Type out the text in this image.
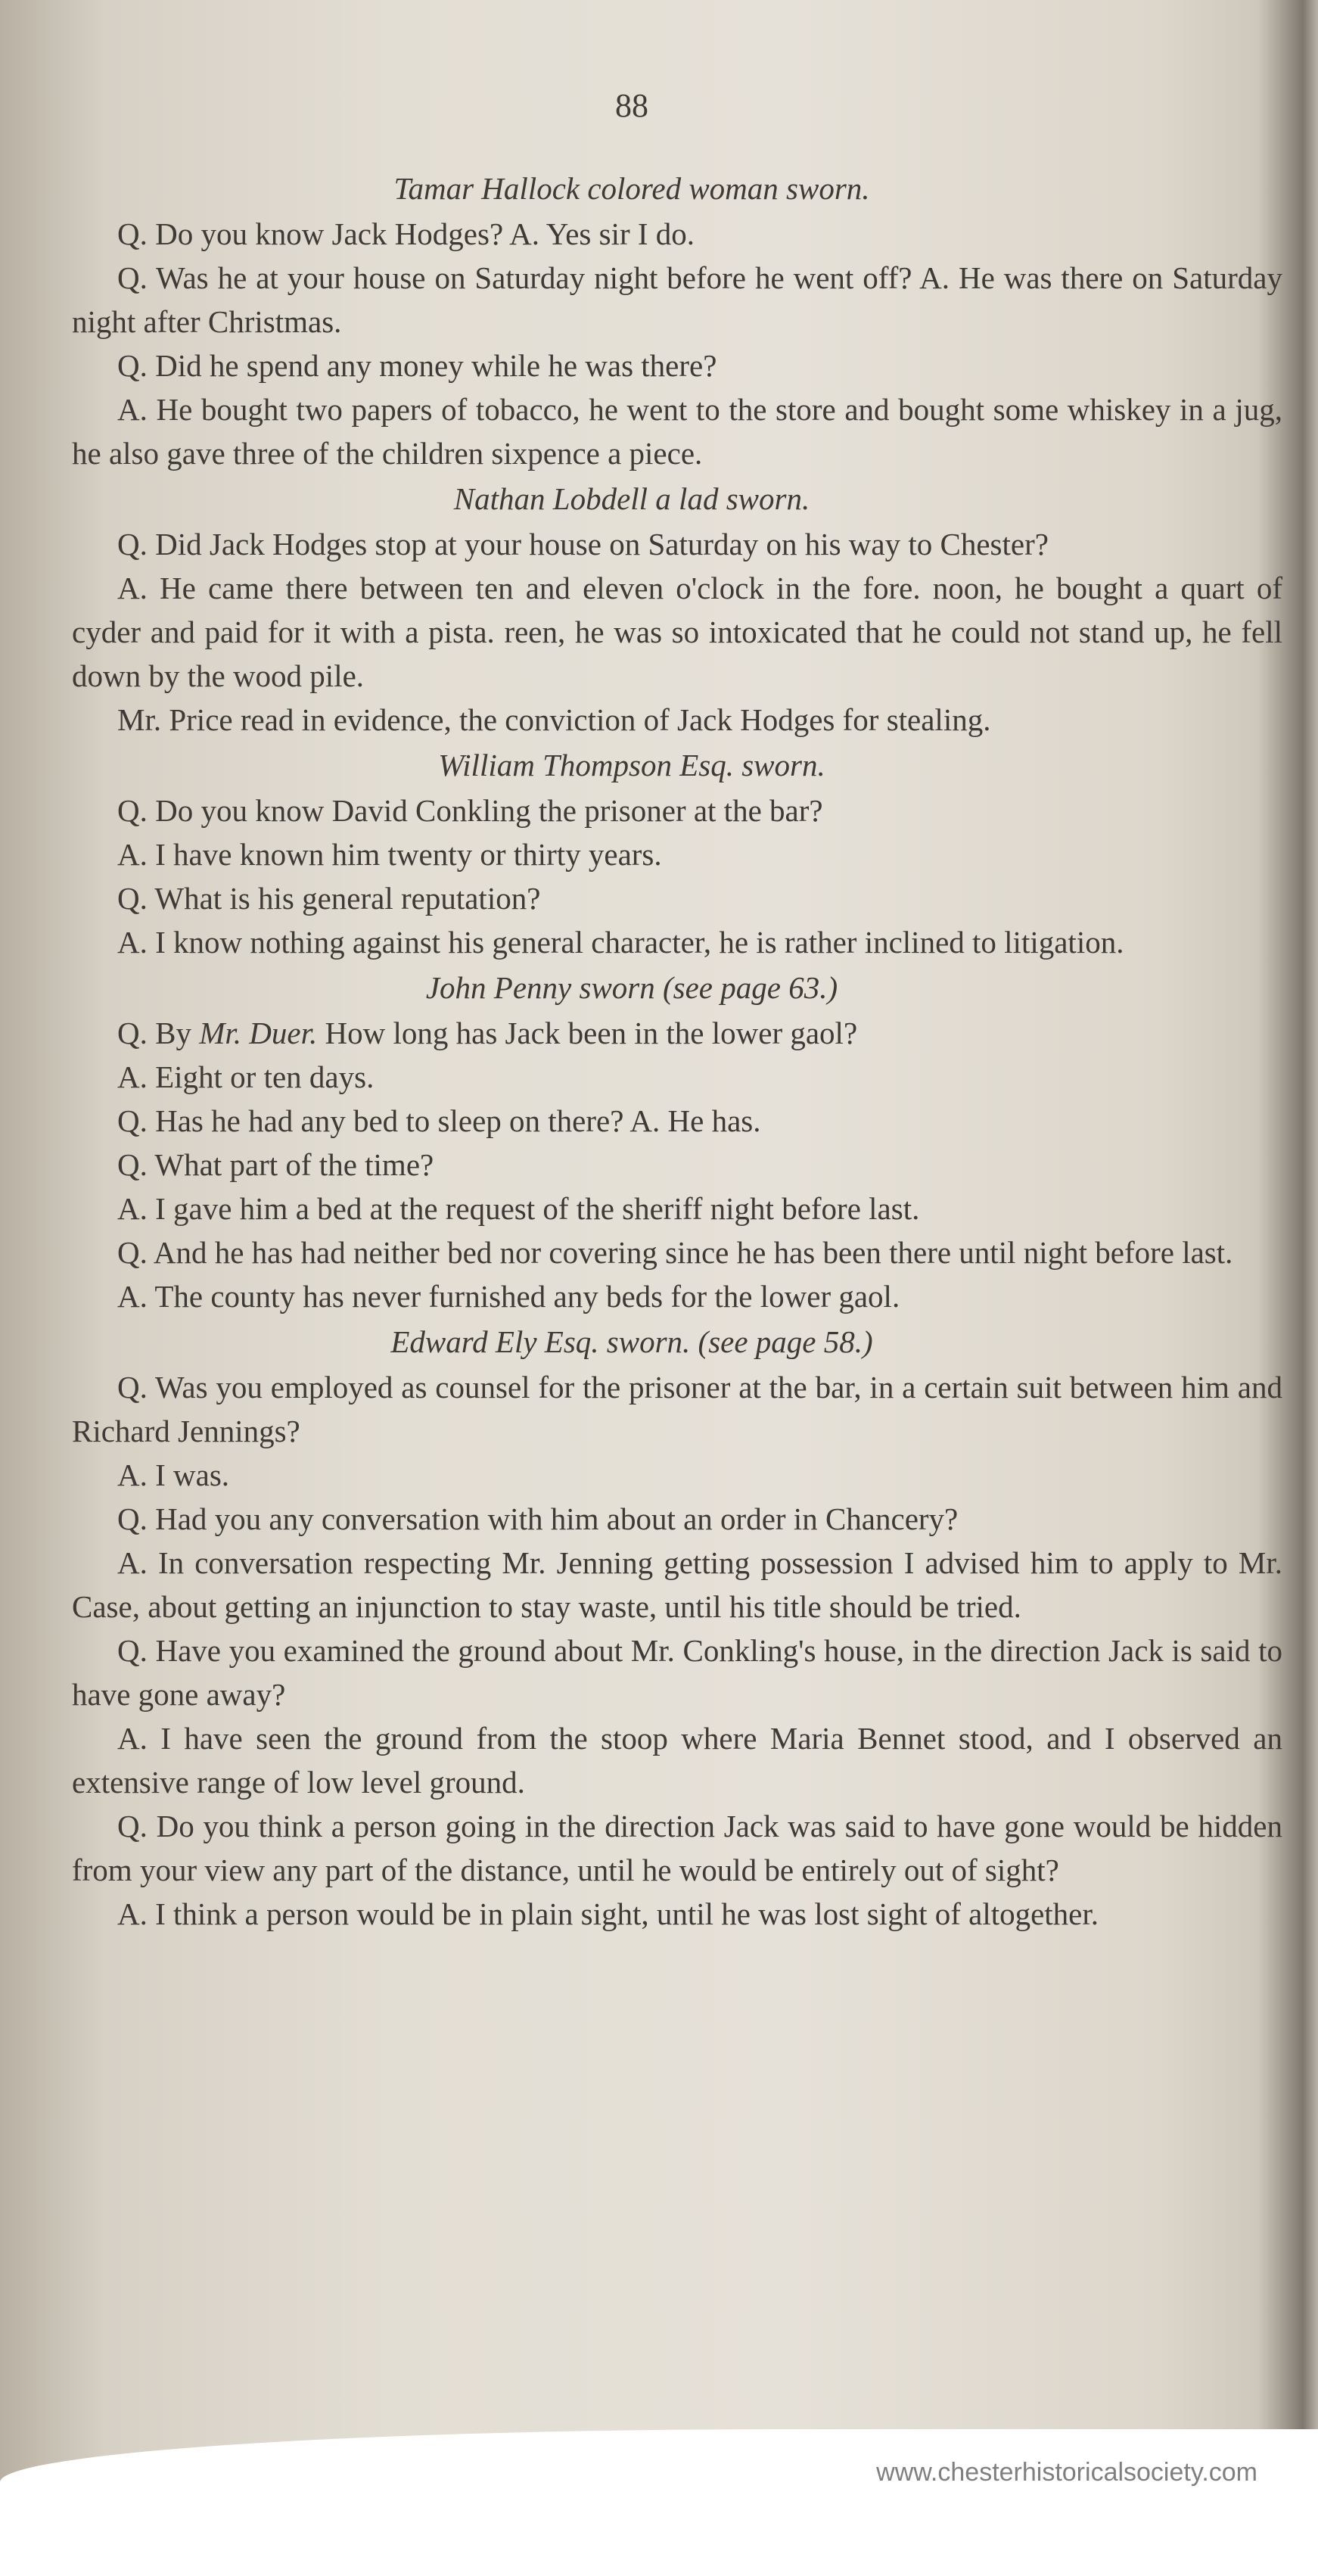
88
Tamar Hallock colored woman sworn.
Q. Do you know Jack Hodges? A. Yes sir I do.
Q. Was he at your house on Saturday night before he went off? A. He was there on Saturday night after Christmas.
Q. Did he spend any money while he was there?
A. He bought two papers of tobacco, he went to the store and bought some whiskey in a jug, he also gave three of the children sixpence a piece.
Nathan Lobdell a lad sworn.
Q. Did Jack Hodges stop at your house on Saturday on his way to Chester?
A. He came there between ten and eleven o'clock in the fore. noon, he bought a quart of cyder and paid for it with a pista. reen, he was so intoxicated that he could not stand up, he fell down by the wood pile.
Mr. Price read in evidence, the conviction of Jack Hodges for stealing.
William Thompson Esq. sworn.
Q. Do you know David Conkling the prisoner at the bar?
A. I have known him twenty or thirty years.
Q. What is his general reputation?
A. I know nothing against his general character, he is rather inclined to litigation.
John Penny sworn (see page 63.)
Q. By Mr. Duer. How long has Jack been in the lower gaol?
A. Eight or ten days.
Q. Has he had any bed to sleep on there? A. He has.
Q. What part of the time?
A. I gave him a bed at the request of the sheriff night before last.
Q. And he has had neither bed nor covering since he has been there until night before last.
A. The county has never furnished any beds for the lower gaol.
Edward Ely Esq. sworn. (see page 58.)
Q. Was you employed as counsel for the prisoner at the bar, in a certain suit between him and Richard Jennings?
A. I was.
Q. Had you any conversation with him about an order in Chancery?
A. In conversation respecting Mr. Jenning getting possession I advised him to apply to Mr. Case, about getting an injunction to stay waste, until his title should be tried.
Q. Have you examined the ground about Mr. Conkling's house, in the direction Jack is said to have gone away?
A. I have seen the ground from the stoop where Maria Bennet stood, and I observed an extensive range of low level ground.
Q. Do you think a person going in the direction Jack was said to have gone would be hidden from your view any part of the distance, until he would be entirely out of sight?
A. I think a person would be in plain sight, until he was lost sight of altogether.
www.chesterhistoricalsociety.com
